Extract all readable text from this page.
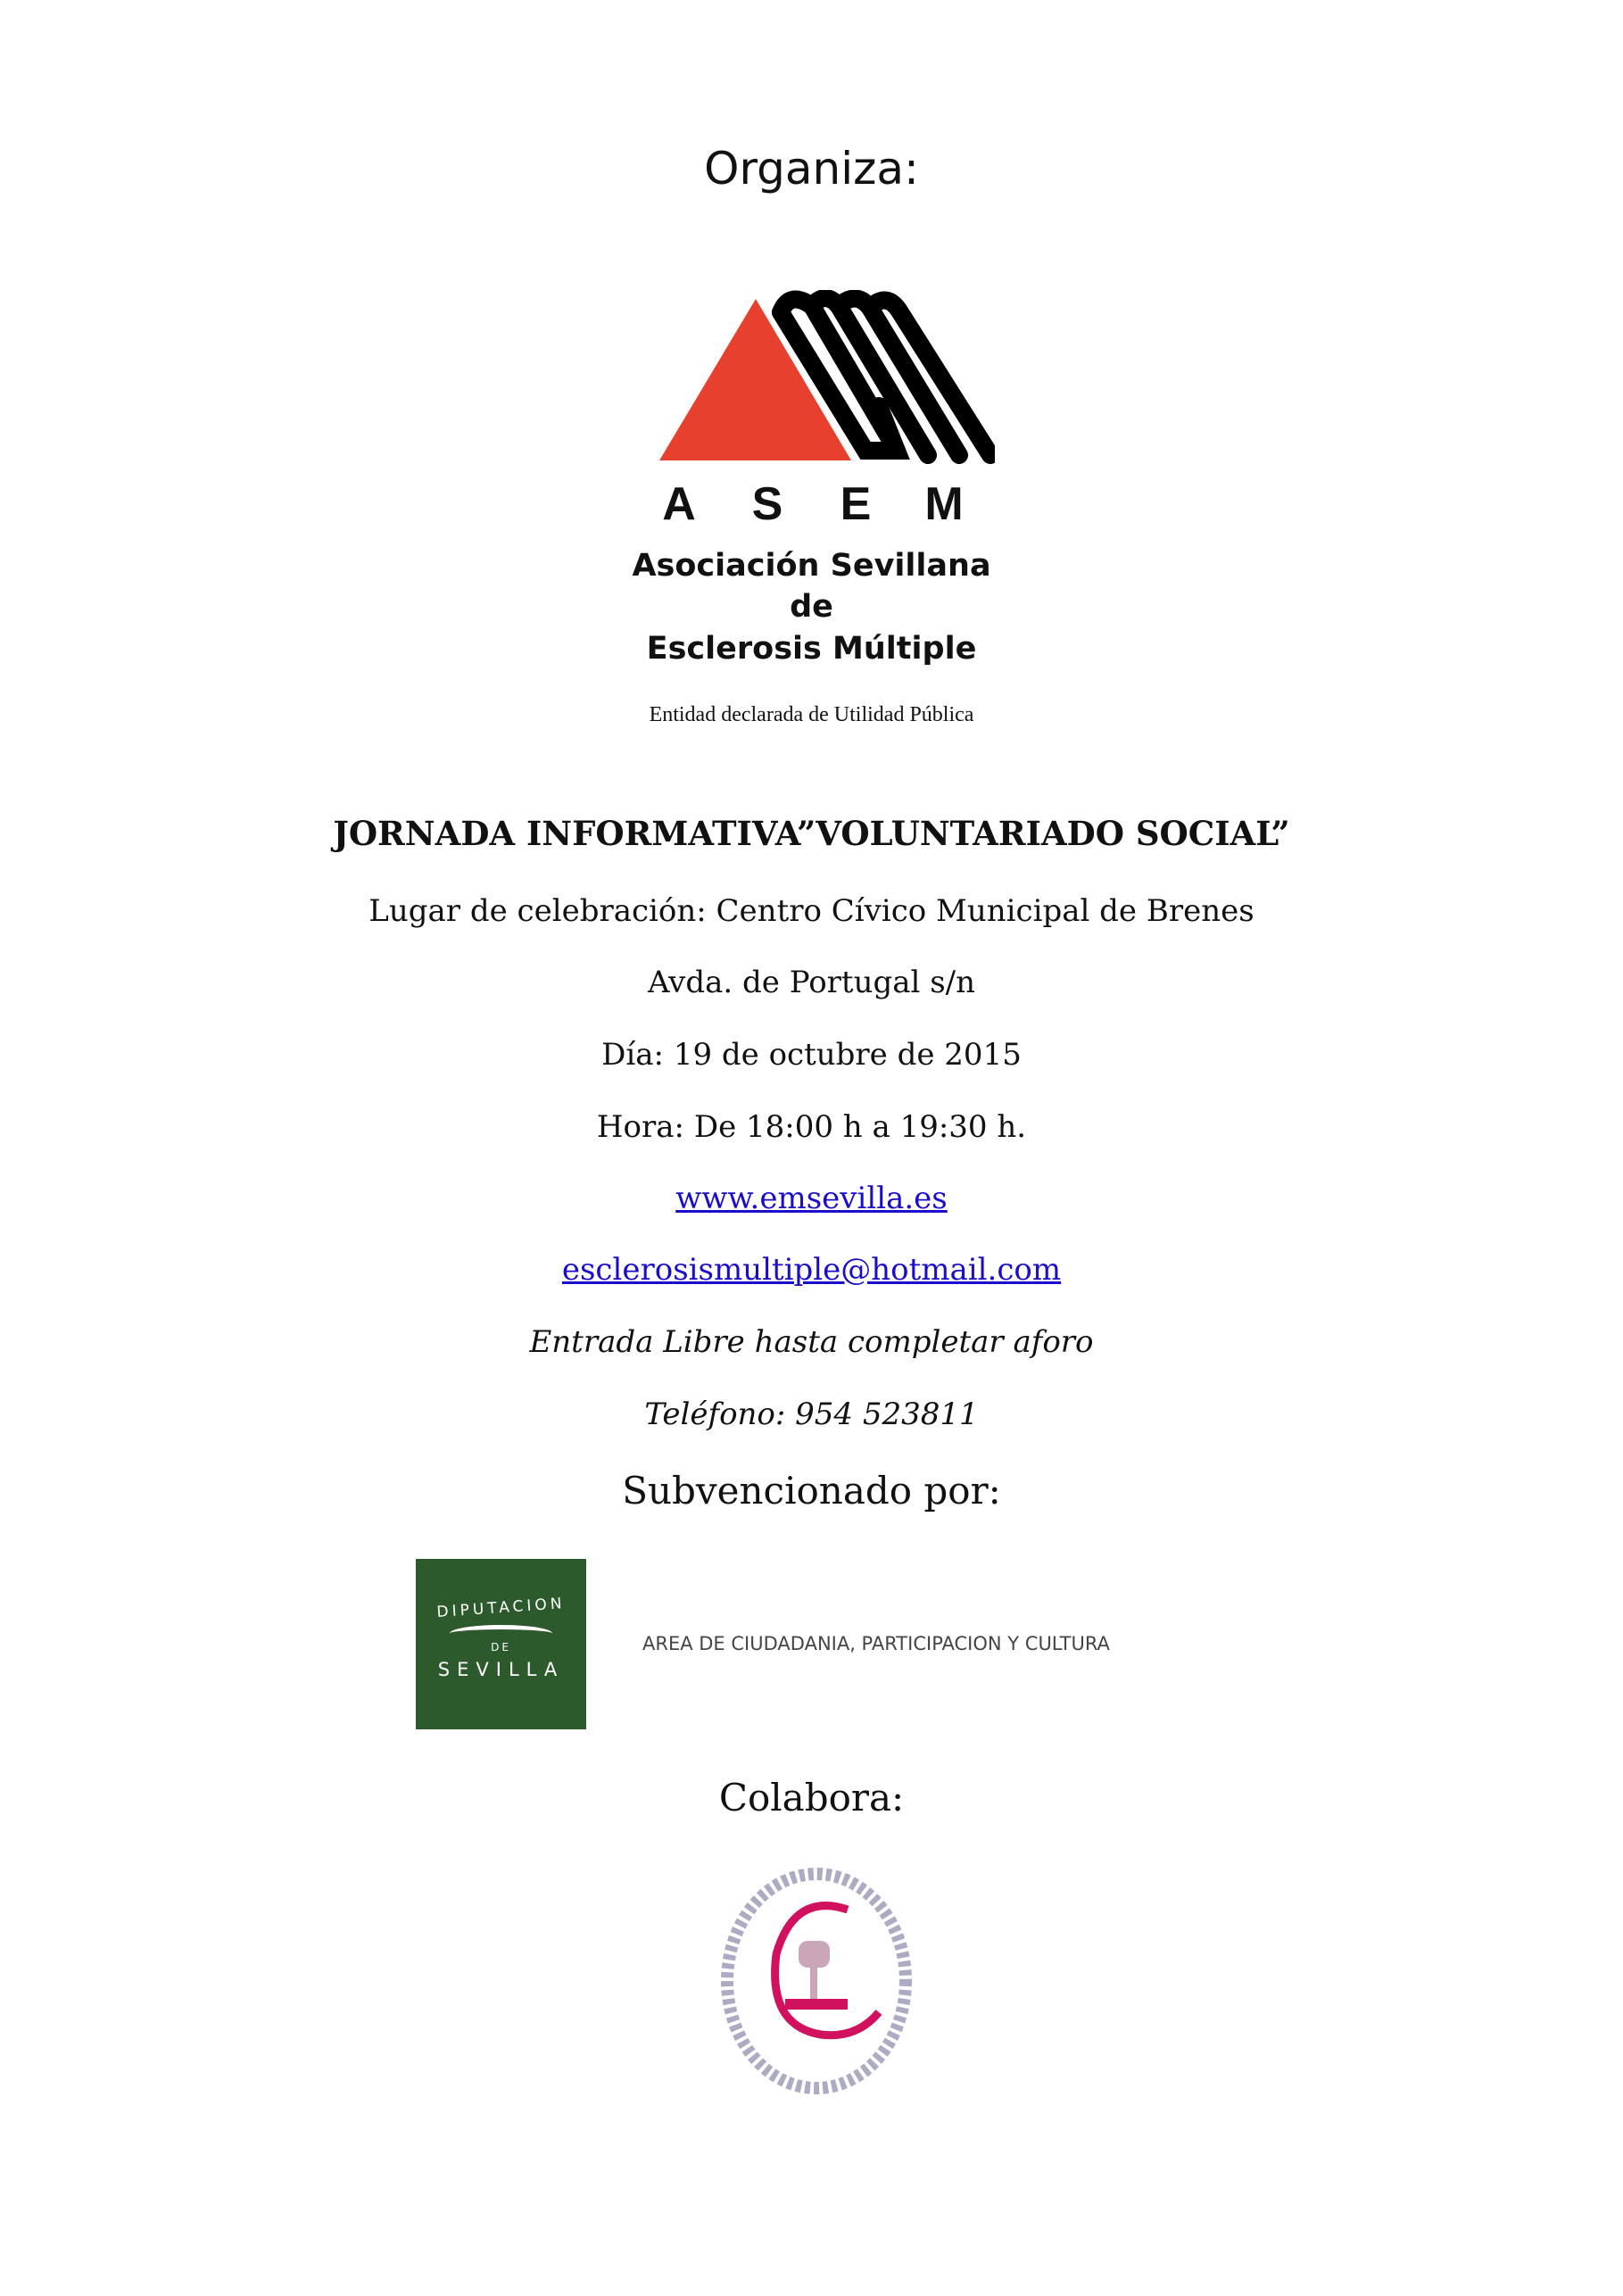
Organiza:
A S E M
Asociación Sevillana
de
Esclerosis Múltiple
Entidad declarada de Utilidad Pública
JORNADA INFORMATIVA”VOLUNTARIADO SOCIAL”
Lugar de celebración: Centro Cívico Municipal de Brenes
Avda. de Portugal s/n
Día: 19 de octubre de 2015
Hora: De 18:00 h a 19:30 h.
www.emsevilla.es
esclerosismultiple@hotmail.com
Entrada Libre hasta completar aforo
Teléfono: 954 523811
Subvencionado por:
DIPUTACION
DE
SEVILLA
AREA DE CIUDADANIA, PARTICIPACION Y CULTURA
Colabora:
